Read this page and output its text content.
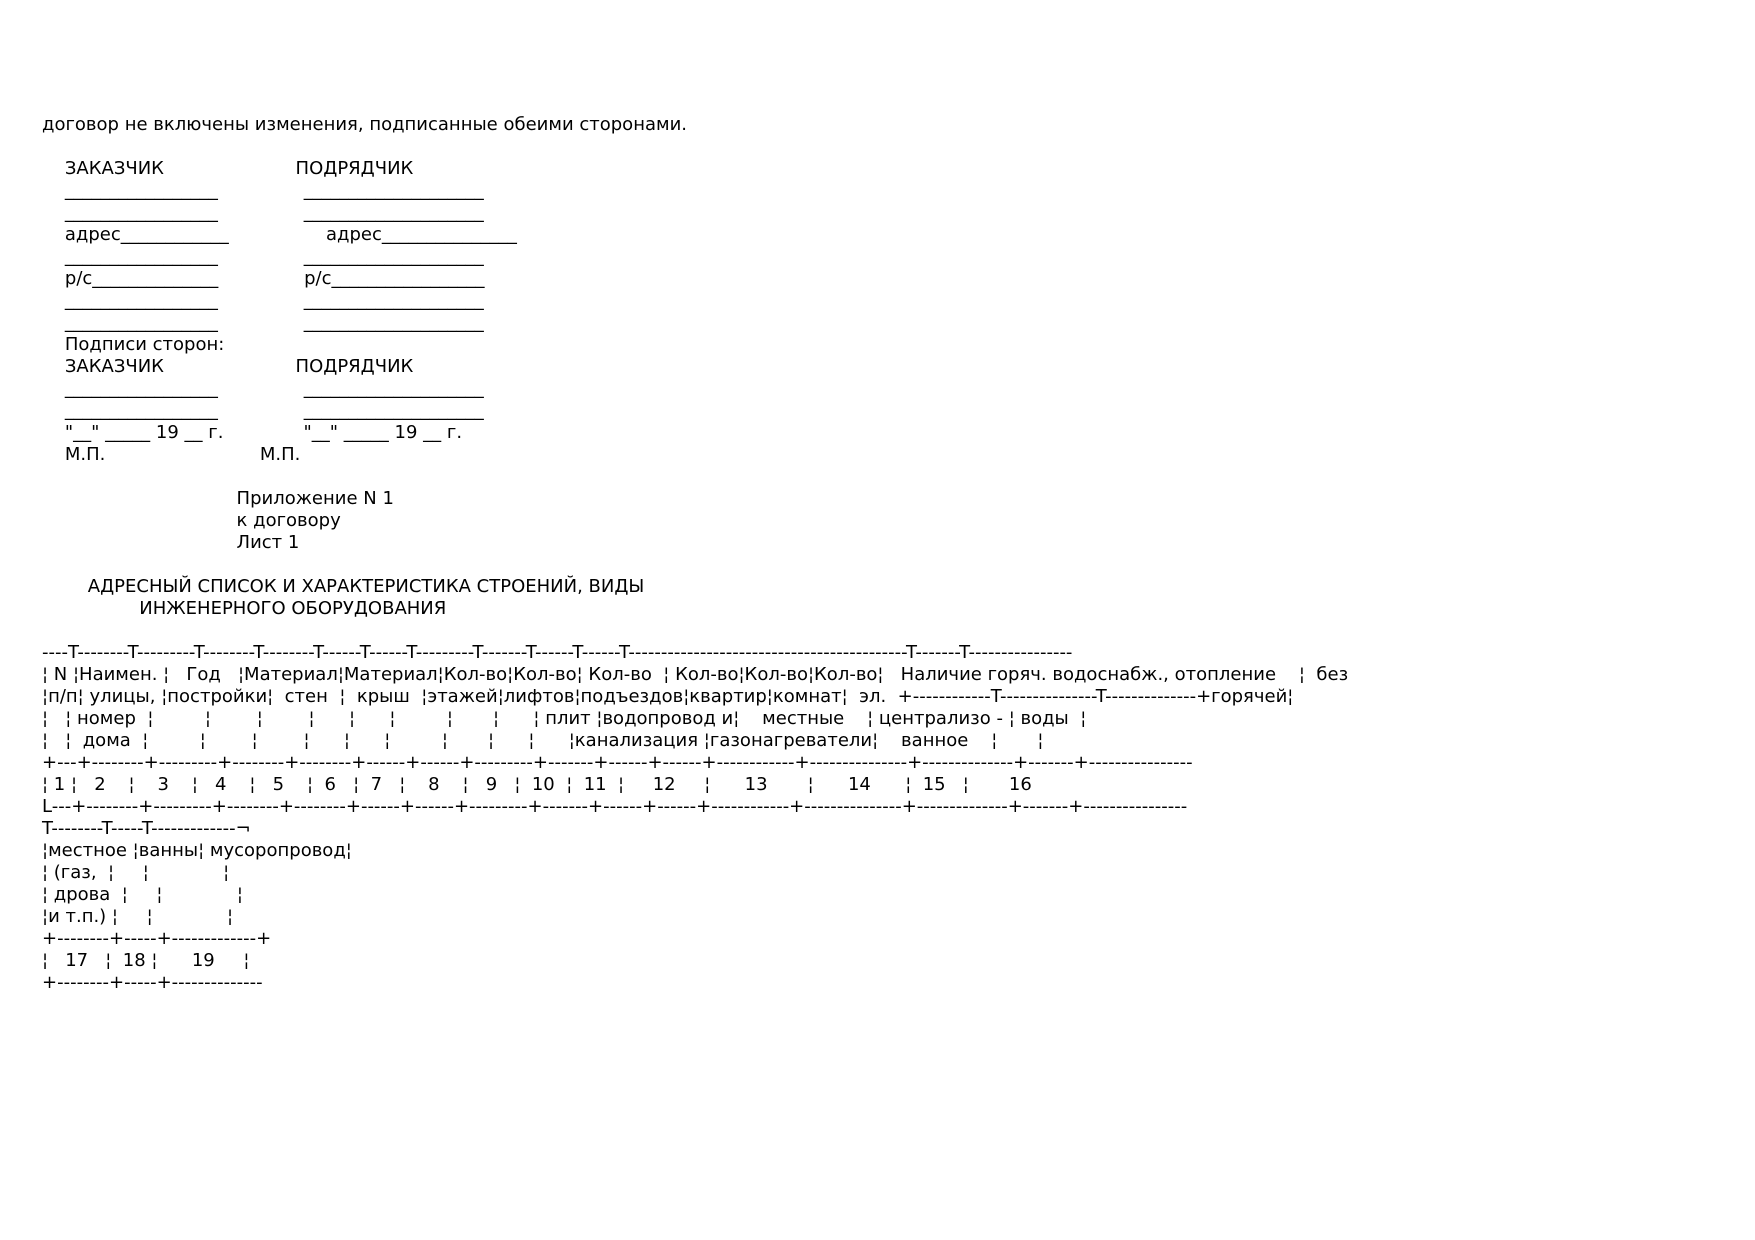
договор не включены изменения, подписанные обеими сторонами.

ЗАКАЗЧИК                       ПОДРЯДЧИК
_________________               ____________________
_________________               ____________________
адрес____________                 адрес_______________
_________________               ____________________
р/с______________               р/с_________________
_________________               ____________________
_________________               ____________________
Подписи сторон:
ЗАКАЗЧИК                       ПОДРЯДЧИК
_________________               ____________________
_________________               ____________________
"__" _____ 19 __ г.              "__" _____ 19 __ г.
М.П.                           М.П.

Приложение N 1
к договору
Лист 1

АДРЕСНЫЙ СПИСОК И ХАРАКТЕРИСТИКА СТРОЕНИЙ, ВИДЫ
ИНЖЕНЕРНОГО ОБОРУДОВАНИЯ

----T--------T---------T--------T--------T------T------T---------T-------T------T------T-------------------------------------------T-------T----------------
¦ N ¦Наимен. ¦   Год   ¦Материал¦Материал¦Кол-во¦Кол-во¦ Кол-во  ¦ Кол-во¦Кол-во¦Кол-во¦   Наличие горяч. водоснабж., отопление    ¦  без
¦п/п¦ улицы, ¦постройки¦  стен  ¦  крыш  ¦этажей¦лифтов¦подъездов¦квартир¦комнат¦  эл.  +------------T---------------T--------------+горячей¦
¦   ¦ номер  ¦         ¦        ¦        ¦      ¦      ¦         ¦       ¦      ¦ плит ¦водопровод и¦    местные    ¦ централизо - ¦ воды  ¦
¦   ¦  дома  ¦         ¦        ¦        ¦      ¦      ¦         ¦       ¦      ¦      ¦канализация ¦газонагреватели¦    ванное    ¦       ¦
+---+--------+---------+--------+--------+------+------+---------+-------+------+------+------------+---------------+--------------+-------+----------------
¦ 1 ¦   2    ¦    3    ¦   4    ¦   5    ¦  6   ¦  7   ¦    8    ¦   9   ¦  10  ¦  11  ¦     12     ¦      13       ¦      14      ¦  15   ¦       16
L---+--------+---------+--------+--------+------+------+---------+-------+------+------+------------+---------------+--------------+-------+----------------
T--------T-----T-------------¬
¦местное ¦ванны¦ мусоропровод¦
¦ (газ,  ¦     ¦             ¦
¦ дрова  ¦     ¦             ¦
¦и т.п.) ¦     ¦             ¦
+--------+-----+-------------+
¦   17   ¦  18 ¦      19     ¦
+--------+-----+--------------
